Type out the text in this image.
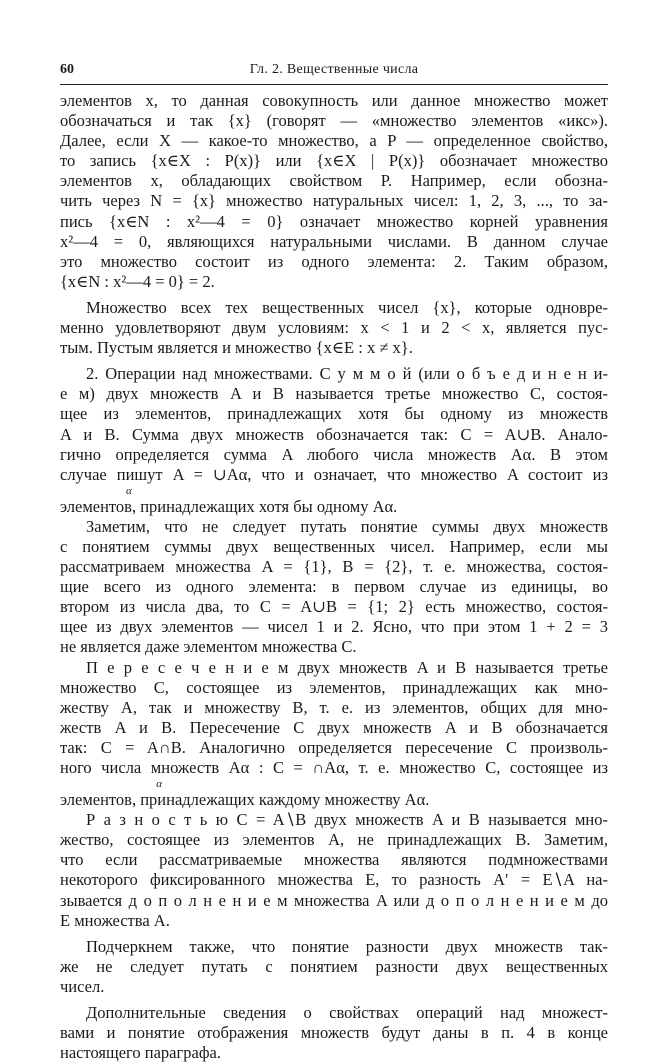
60	Гл. 2. Вещественные числа
элементов x, то данная совокупность или данное множество может
обозначаться и так {x} (говорят — «множество элементов «икс»).
Далее, если X — какое-то множество, а P — определенное свойство,
то запись {x∈X : P(x)} или {x∈X | P(x)} обозначает множество
элементов x, обладающих свойством P. Например, если обозна-
чить через N = {x} множество натуральных чисел: 1, 2, 3, ..., то за-
пись {x∈N : x²—4 = 0} означает множество корней уравнения
x²—4 = 0, являющихся натуральными числами. В данном случае
это множество состоит из одного элемента: 2. Таким образом,
{x∈N : x²—4 = 0} = 2.
Множество всех тех вещественных чисел {x}, которые одновре-
менно удовлетворяют двум условиям: x < 1 и 2 < x, является пус-
тым. Пустым является и множество {x∈E : x ≠ x}.
2. Операции над множествами. С у м м о й (или о б ъ е д и н е н и-
е м) двух множеств A и B называется третье множество C, состоя-
щее из элементов, принадлежащих хотя бы одному из множеств
A и B. Сумма двух множеств обозначается так: C = A∪B. Анало-
гично определяется сумма A любого числа множеств Aα. В этом
случае пишут A = ∪Aα, что и означает, что множество A состоит из
α
элементов, принадлежащих хотя бы одному Aα.
Заметим, что не следует путать понятие суммы двух множеств
с понятием суммы двух вещественных чисел. Например, если мы
рассматриваем множества A = {1}, B = {2}, т. е. множества, состоя-
щие всего из одного элемента: в первом случае из единицы, во
втором из числа два, то C = A∪B = {1; 2} есть множество, состоя-
щее из двух элементов — чисел 1 и 2. Ясно, что при этом 1 + 2 = 3
не является даже элементом множества C.
П е р е с е ч е н и е м двух множеств A и B называется третье
множество C, состоящее из элементов, принадлежащих как мно-
жеству A, так и множеству B, т. е. из элементов, общих для мно-
жеств A и B. Пересечение C двух множеств A и B обозначается
так: C = A∩B. Аналогично определяется пересечение C произволь-
ного числа множеств Aα : C = ∩Aα, т. е. множество C, состоящее из
α
элементов, принадлежащих каждому множеству Aα.
Р а з н о с т ь ю C = A∖B двух множеств A и B называется мно-
жество, состоящее из элементов A, не принадлежащих B. Заметим,
что если рассматриваемые множества являются подмножествами
некоторого фиксированного множества E, то разность A′ = E∖A на-
зывается д о п о л н е н и е м множества A или д о п о л н е н и е м до
E множества A.
Подчеркнем также, что понятие разности двух множеств так-
же не следует путать с понятием разности двух вещественных
чисел.
Дополнительные сведения о свойствах операций над множест-
вами и понятие отображения множеств будут даны в п. 4 в конце
настоящего параграфа.
